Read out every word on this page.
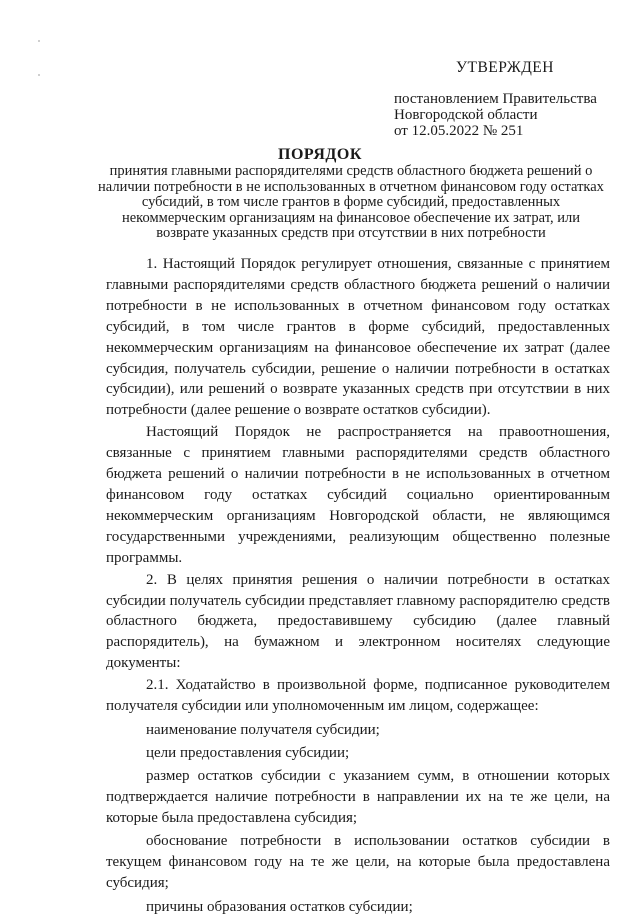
УТВЕРЖДЕН
постановлением Правительства
Новгородской области
от 12.05.2022 № 251
ПОРЯДОК
принятия главными распорядителями средств областного бюджета решений о наличии потребности в не использованных в отчетном финансовом году остатках субсидий, в том числе грантов в форме субсидий, предоставленных некоммерческим организациям на финансовое обеспечение их затрат, или возврате указанных средств при отсутствии в них потребности

1. Настоящий Порядок регулирует отношения, связанные с принятием главными распорядителями средств областного бюджета решений о наличии потребности в не использованных в отчетном финансовом году остатках субсидий, в том числе грантов в форме субсидий, предоставленных некоммерческим организациям на финансовое обеспечение их затрат (далее субсидия, получатель субсидии, решение о наличии потребности в остатках субсидии), или решений о возврате указанных средств при отсутствии в них потребности (далее решение о возврате остатков субсидии).

Настоящий Порядок не распространяется на правоотношения, связанные с принятием главными распорядителями средств областного бюджета решений о наличии потребности в не использованных в отчетном финансовом году остатках субсидий социально ориентированным некоммерческим организациям Новгородской области, не являющимся государственными учреждениями, реализующим общественно полезные программы.

2. В целях принятия решения о наличии потребности в остатках субсидии получатель субсидии представляет главному распорядителю средств областного бюджета, предоставившему субсидию (далее главный распорядитель), на бумажном и электронном носителях следующие документы:

2.1. Ходатайство в произвольной форме, подписанное руководителем получателя субсидии или уполномоченным им лицом, содержащее:

наименование получателя субсидии;

цели предоставления субсидии;

размер остатков субсидии с указанием сумм, в отношении которых подтверждается наличие потребности в направлении их на те же цели, на которые была предоставлена субсидия;

обоснование потребности в использовании остатков субсидии в текущем финансовом году на те же цели, на которые была предоставлена субсидия;

причины образования остатков субсидии;
